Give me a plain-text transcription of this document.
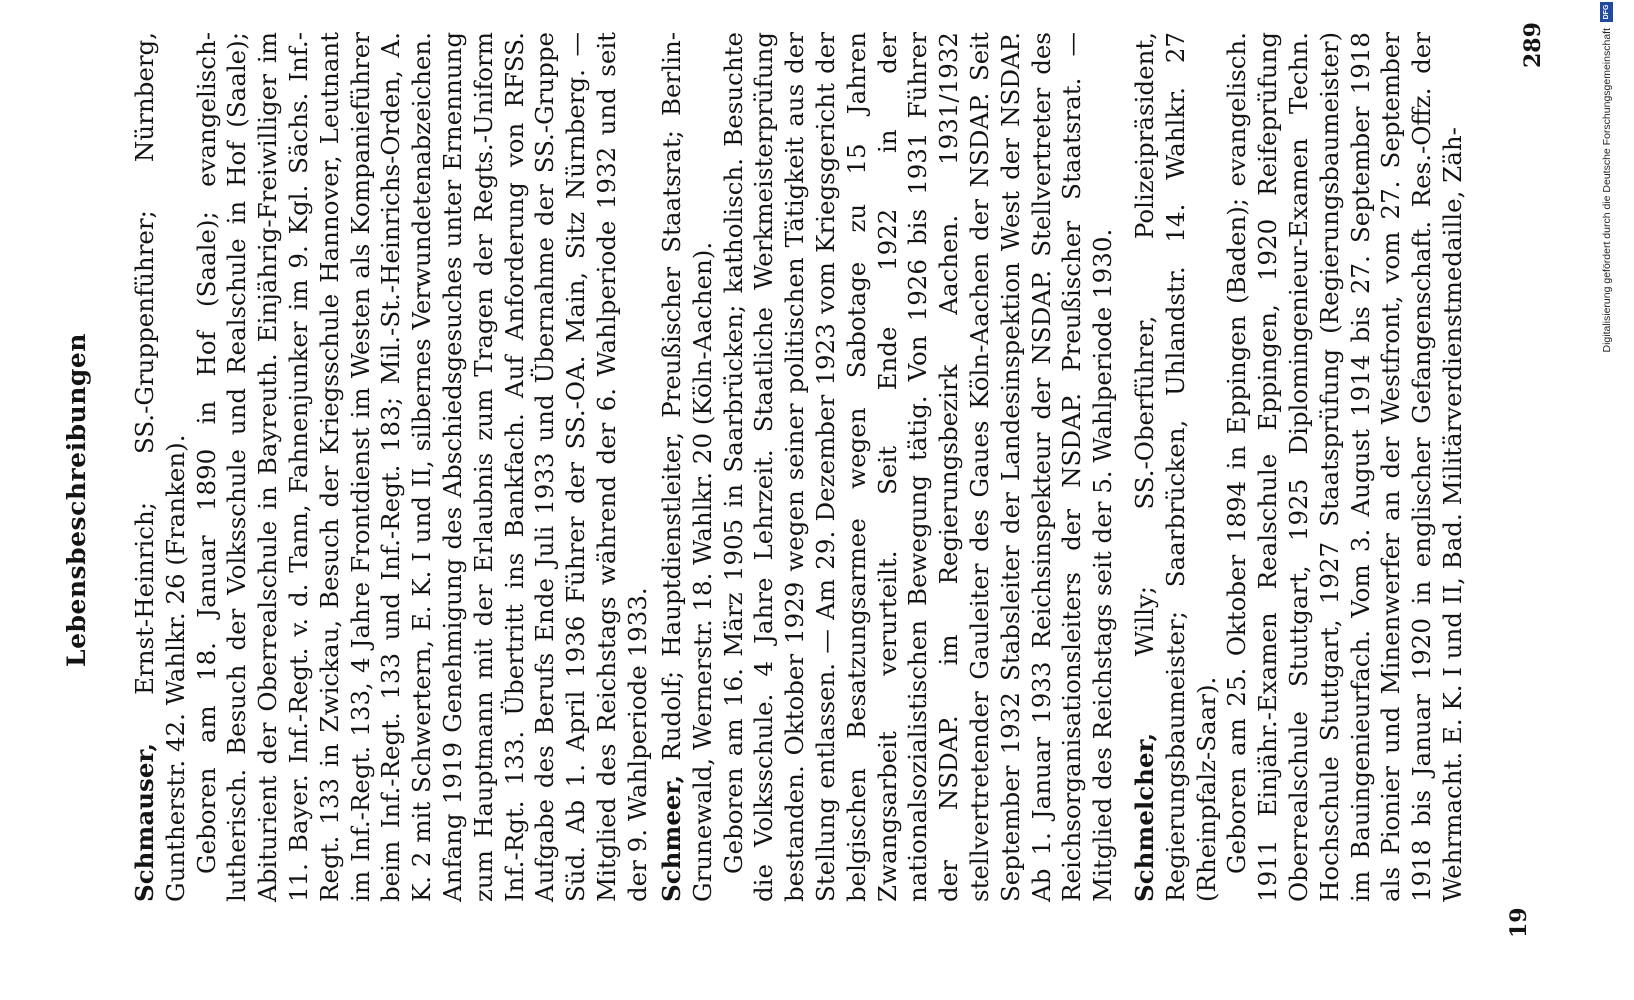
Lebensbeschreibungen

Schmauser, Ernst-Heinrich; SS.-Gruppenführer; Nürnberg, Guntherstr. 42. Wahlkr. 26 (Franken). Geboren am 18. Januar 1890 in Hof (Saale); evangelisch-lutherisch. Besuch der Volksschule und Realschule in Hof (Saale); Abiturient der Oberrealschule in Bayreuth. Einjährig-Freiwilliger im 11. Bayer. Inf.-Regt. v. d. Tann, Fahnenjunker im 9. Kgl. Sächs. Inf.-Regt. 133 in Zwickau, Besuch der Kriegsschule Hannover, Leutnant im Inf.-Regt. 133, 4 Jahre Frontdienst im Westen als Kompanieführer beim Inf.-Regt. 133 und Inf.-Regt. 183; Mil.-St.-Heinrichs-Orden, A. K. 2 mit Schwertern, E. K. I und II, silbernes Verwundetenabzeichen. Anfang 1919 Genehmigung des Abschiedsgesuches unter Ernennung zum Hauptmann mit der Erlaubnis zum Tragen der Regts.-Uniform Inf.-Rgt. 133. Übertritt ins Bankfach. Auf Anforderung von RFSS. Aufgabe des Berufs Ende Juli 1933 und Übernahme der SS.-Gruppe Süd. Ab 1. April 1936 Führer der SS.-OA. Main, Sitz Nürnberg. — Mitglied des Reichstags während der 6. Wahlperiode 1932 und seit der 9. Wahlperiode 1933. Schmeer, Rudolf; Hauptdienstleiter, Preußischer Staatsrat; Berlin-Grunewald, Wernerstr. 18. Wahlkr. 20 (Köln-Aachen). Geboren am 16. März 1905 in Saarbrücken; katholisch. Besuchte die Volksschule. 4 Jahre Lehrzeit. Staatliche Werkmeisterprüfung bestanden. Oktober 1929 wegen seiner politischen Tätigkeit aus der Stellung entlassen. — Am 29. Dezember 1923 vom Kriegsgericht der belgischen Besatzungsarmee wegen Sabotage zu 15 Jahren Zwangsarbeit verurteilt. Seit Ende 1922 in der nationalsozialistischen Bewegung tätig. Von 1926 bis 1931 Führer der NSDAP. im Regierungsbezirk Aachen. 1931/1932 stellvertretender Gauleiter des Gaues Köln-Aachen der NSDAP. Seit September 1932 Stabsleiter der Landesinspektion West der NSDAP. Ab 1. Januar 1933 Reichsinspekteur der NSDAP. Stellvertreter des Reichsorganisationsleiters der NSDAP. Preußischer Staatsrat. — Mitglied des Reichstags seit der 5. Wahlperiode 1930. Schmelcher, Willy; SS.-Oberführer, Polizeipräsident, Regierungsbaumeister; Saarbrücken, Uhlandstr. 14. Wahlkr. 27 (Rheinpfalz-Saar). Geboren am 25. Oktober 1894 in Eppingen (Baden); evangelisch. 1911 Einjähr.-Examen Realschule Eppingen, 1920 Reifeprüfung Oberrealschule Stuttgart, 1925 Diplomingenieur-Examen Techn. Hochschule Stuttgart, 1927 Staatsprüfung (Regierungsbaumeister) im Bauingenieurfach. Vom 3. August 1914 bis 27. September 1918 als Pionier und Minenwerfer an der Westfront, vom 27. September 1918 bis Januar 1920 in englischer Gefangenschaft. Res.-Offz. der Wehrmacht. E. K. I und II, Bad. Militärverdienstmedaille, Zäh-

289
19
Digitalisierung gefördert durch die Deutsche Forschungsgemeinschaft
DFG
